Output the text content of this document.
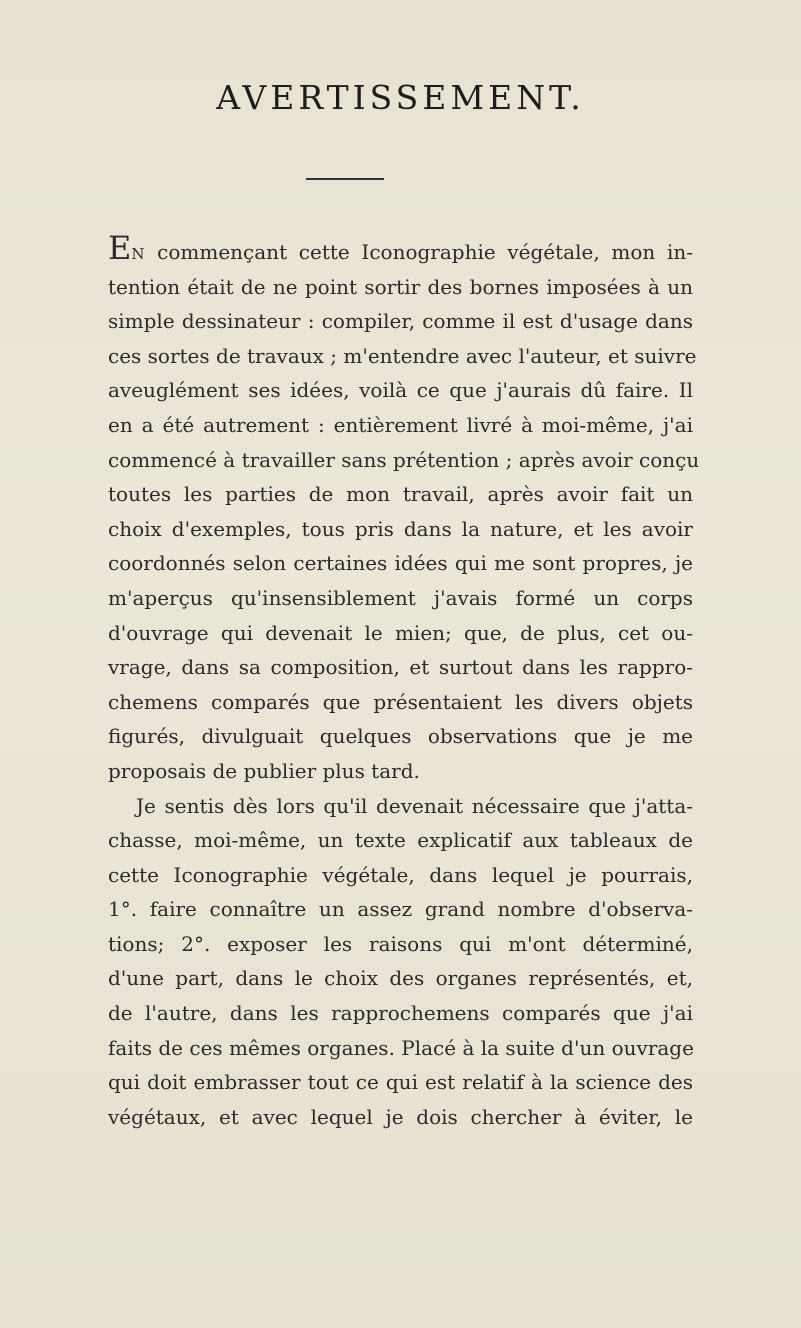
AVERTISSEMENT.
EN commençant cette Iconographie végétale, mon in-
tention était de ne point sortir des bornes imposées à un
simple dessinateur : compiler, comme il est d'usage dans
ces sortes de travaux ; m'entendre avec l'auteur, et suivre
aveuglément ses idées, voilà ce que j'aurais dû faire. Il
en a été autrement : entièrement livré à moi-même, j'ai
commencé à travailler sans prétention ; après avoir conçu
toutes les parties de mon travail, après avoir fait un
choix d'exemples, tous pris dans la nature, et les avoir
coordonnés selon certaines idées qui me sont propres, je
m'aperçus qu'insensiblement j'avais formé un corps
d'ouvrage qui devenait le mien; que, de plus, cet ou-
vrage, dans sa composition, et surtout dans les rappro-
chemens comparés que présentaient les divers objets
figurés, divulguait quelques observations que je me
proposais de publier plus tard.
Je sentis dès lors qu'il devenait nécessaire que j'atta-
chasse, moi-même, un texte explicatif aux tableaux de
cette Iconographie végétale, dans lequel je pourrais,
1°. faire connaître un assez grand nombre d'observa-
tions; 2°. exposer les raisons qui m'ont déterminé,
d'une part, dans le choix des organes représentés, et,
de l'autre, dans les rapprochemens comparés que j'ai
faits de ces mêmes organes. Placé à la suite d'un ouvrage
qui doit embrasser tout ce qui est relatif à la science des
végétaux, et avec lequel je dois chercher à éviter, le
